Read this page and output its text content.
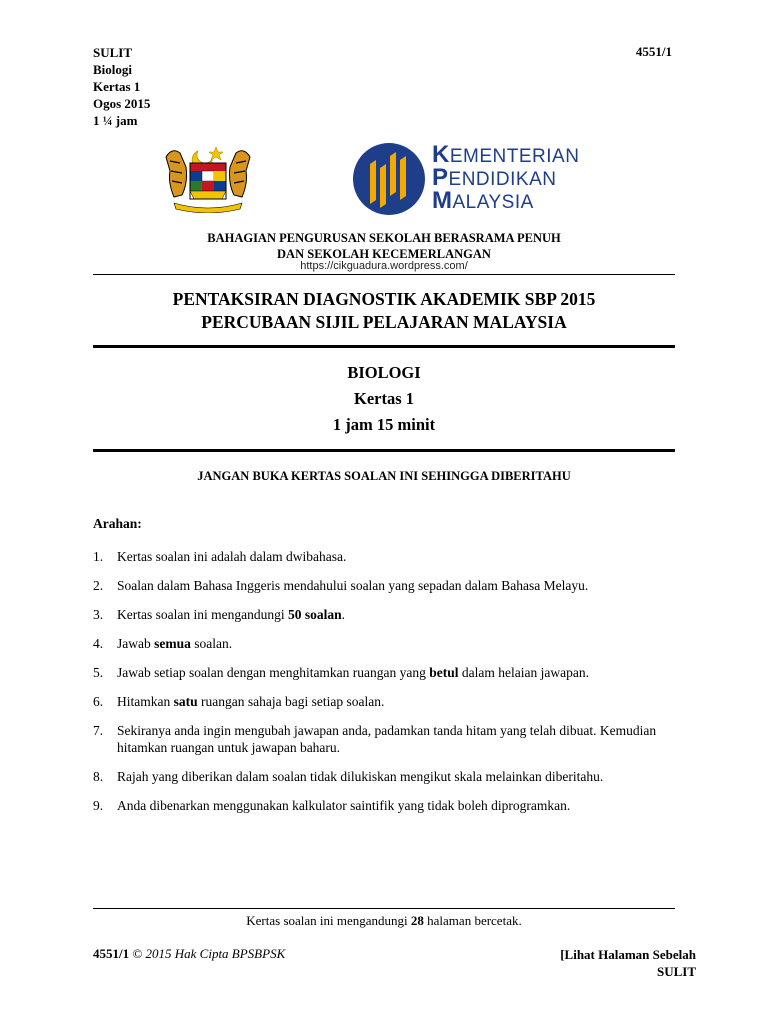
SULIT
Biologi
Kertas 1
Ogos 2015
1 ¼ jam
4551/1
KEMENTERIAN
PENDIDIKAN
MALAYSIA
BAHAGIAN PENGURUSAN SEKOLAH BERASRAMA PENUH
DAN SEKOLAH KECEMERLANGAN
https://cikguadura.wordpress.com/
PENTAKSIRAN DIAGNOSTIK AKADEMIK SBP 2015
PERCUBAAN SIJIL PELAJARAN MALAYSIA
BIOLOGI
Kertas 1
1 jam 15 minit
JANGAN BUKA KERTAS SOALAN INI SEHINGGA DIBERITAHU
Arahan:
1. Kertas soalan ini adalah dalam dwibahasa.
2. Soalan dalam Bahasa Inggeris mendahului soalan yang sepadan dalam Bahasa Melayu.
3. Kertas soalan ini mengandungi 50 soalan.
4. Jawab semua soalan.
5. Jawab setiap soalan dengan menghitamkan ruangan yang betul dalam helaian jawapan.
6. Hitamkan satu ruangan sahaja bagi setiap soalan.
7. Sekiranya anda ingin mengubah jawapan anda, padamkan tanda hitam yang telah dibuat. Kemudian hitamkan ruangan untuk jawapan baharu.
8. Rajah yang diberikan dalam soalan tidak dilukiskan mengikut skala melainkan diberitahu.
9. Anda dibenarkan menggunakan kalkulator saintifik yang tidak boleh diprogramkan.
Kertas soalan ini mengandungi 28 halaman bercetak.
4551/1 © 2015 Hak Cipta BPSBPSK	[Lihat Halaman Sebelah
SULIT
